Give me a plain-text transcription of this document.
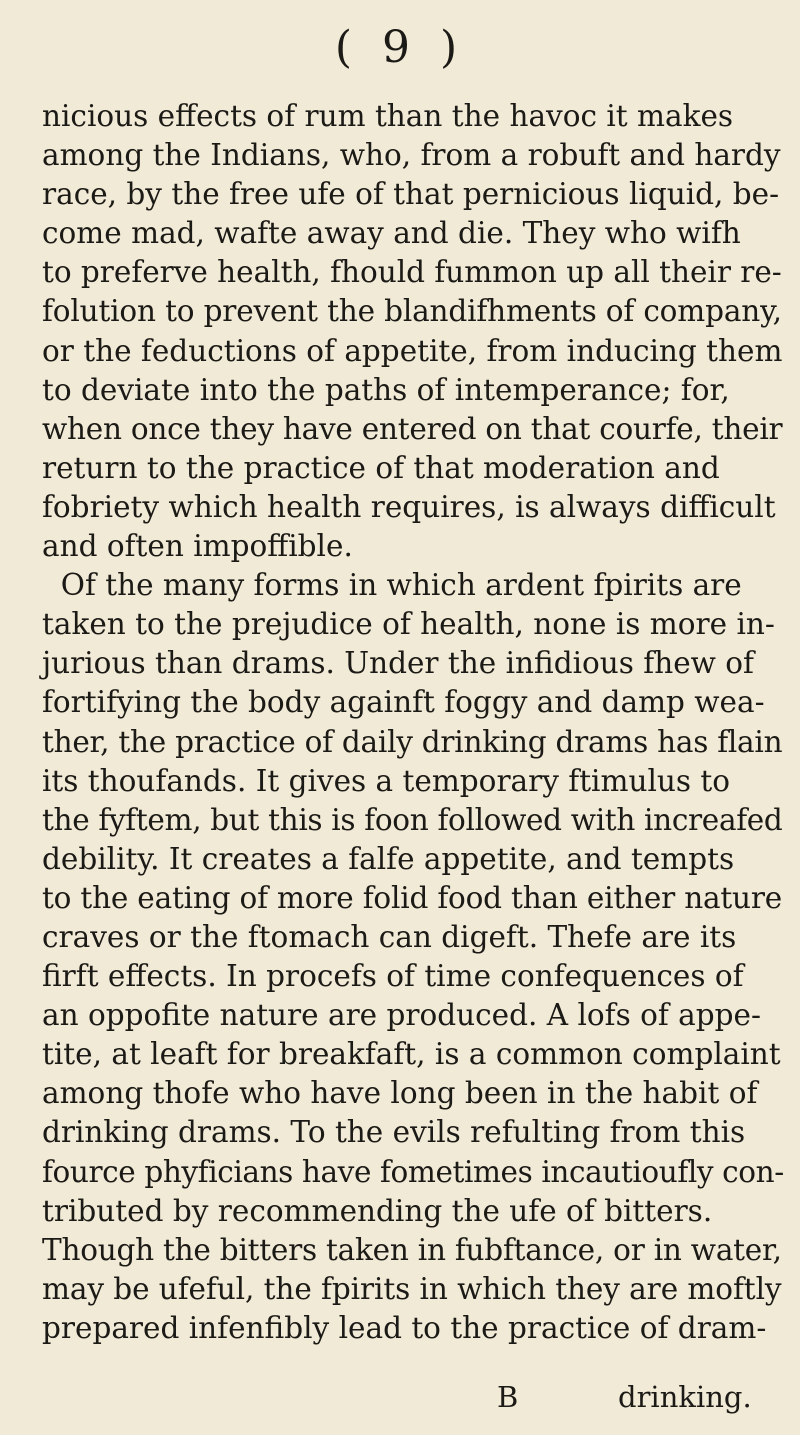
( 9 )
nicious effects of rum than the havoc it makes
among the Indians, who, from a robuft and hardy
race, by the free ufe of that pernicious liquid, be-
come mad, wafte away and die. They who wifh
to preferve health, fhould fummon up all their re-
folution to prevent the blandifhments of company,
or the feductions of appetite, from inducing them
to deviate into the paths of intemperance; for,
when once they have entered on that courfe, their
return to the practice of that moderation and
fobriety which health requires, is always difficult
and often impoffible.
Of the many forms in which ardent fpirits are
taken to the prejudice of health, none is more in-
jurious than drams. Under the infidious fhew of
fortifying the body againft foggy and damp wea-
ther, the practice of daily drinking drams has flain
its thoufands. It gives a temporary ftimulus to
the fyftem, but this is foon followed with increafed
debility. It creates a falfe appetite, and tempts
to the eating of more folid food than either nature
craves or the ftomach can digeft. Thefe are its
firft effects. In procefs of time confequences of
an oppofite nature are produced. A lofs of appe-
tite, at leaft for breakfaft, is a common complaint
among thofe who have long been in the habit of
drinking drams. To the evils refulting from this
fource phyficians have fometimes incautioufly con-
tributed by recommending the ufe of bitters.
Though the bitters taken in fubftance, or in water,
may be ufeful, the fpirits in which they are moftly
prepared infenfibly lead to the practice of dram-
B	drinking.
